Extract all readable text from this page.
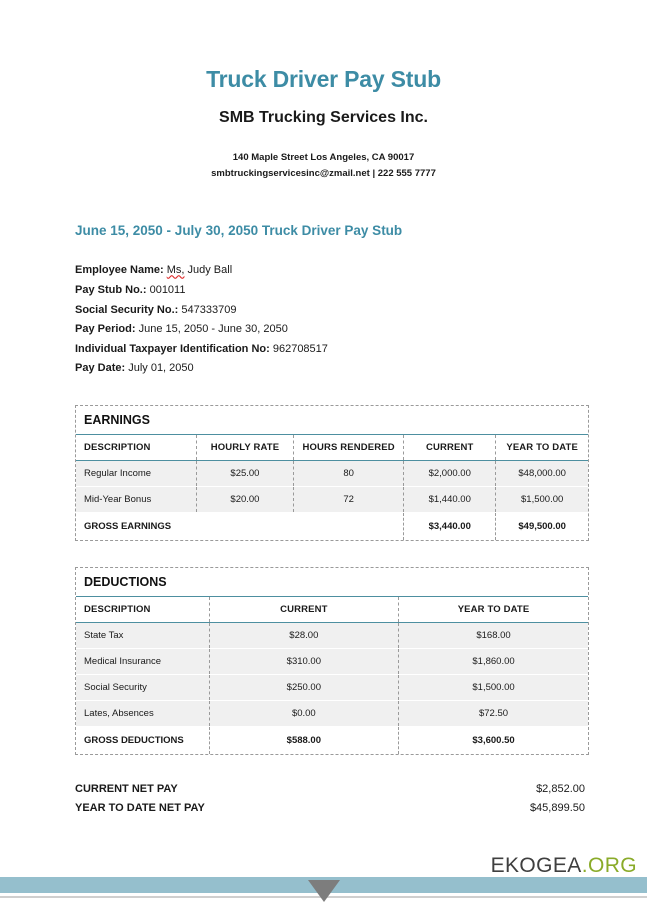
Truck Driver Pay Stub
SMB Trucking Services Inc.
140 Maple Street Los Angeles, CA 90017
smbtruckingservicesinc@zmail.net | 222 555 7777
June 15, 2050 - July 30, 2050 Truck Driver Pay Stub
Employee Name: Ms, Judy Ball
Pay Stub No.: 001011
Social Security No.: 547333709
Pay Period: June 15, 2050 - June 30, 2050
Individual Taxpayer Identification No: 962708517
Pay Date: July 01, 2050
EARNINGS
DESCRIPTION	HOURLY RATE	HOURS RENDERED	CURRENT	YEAR TO DATE
Regular Income	$25.00	80	$2,000.00	$48,000.00
Mid-Year Bonus	$20.00	72	$1,440.00	$1,500.00
GROSS EARNINGS			$3,440.00	$49,500.00
DEDUCTIONS
DESCRIPTION	CURRENT	YEAR TO DATE
State Tax	$28.00	$168.00
Medical Insurance	$310.00	$1,860.00
Social Security	$250.00	$1,500.00
Lates, Absences	$0.00	$72.50
GROSS DEDUCTIONS	$588.00	$3,600.50
CURRENT NET PAY	$2,852.00
YEAR TO DATE NET PAY	$45,899.50
EKOGEA.ORG
